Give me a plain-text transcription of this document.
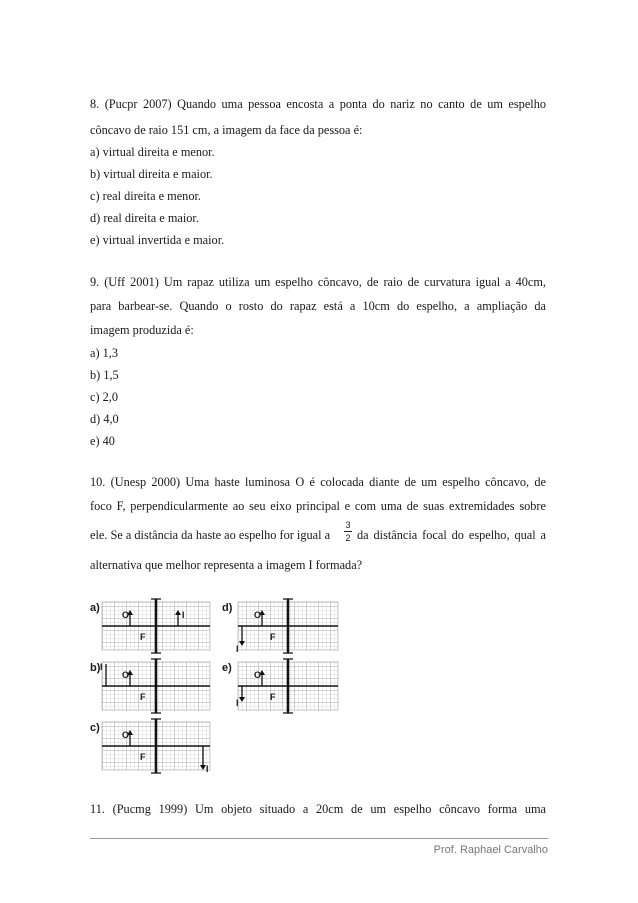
8. (Pucpr 2007) Quando uma pessoa encosta a ponta do nariz no canto de um espelho
côncavo de raio 151 cm, a imagem da face da pessoa é:
a) virtual direita e menor.
b) virtual direita e maior.
c) real direita e menor.
d) real direita e maior.
e) virtual invertida e maior.
9. (Uff 2001) Um rapaz utiliza um espelho côncavo, de raio de curvatura igual a 40cm,
para barbear-se. Quando o rosto do rapaz está a 10cm do espelho, a ampliação da
imagem produzida é:
a) 1,3
b) 1,5
c) 2,0
d) 4,0
e) 40
10. (Unesp 2000) Uma haste luminosa O é colocada diante de um espelho côncavo, de
foco F, perpendicularmente ao seu eixo principal e com uma de suas extremidades sobre
ele. Se a distância da haste ao espelho for igual a
3
2 da distância focal do espelho, qual a
alternativa que melhor representa a imagem I formada?
a)
b)
c)
d)
e)
O
F
I
O
F
I
O
F
I
O
F
I
O
F
I
11. (Pucmg 1999) Um objeto situado a 20cm de um espelho côncavo forma uma
Prof. Raphael Carvalho
